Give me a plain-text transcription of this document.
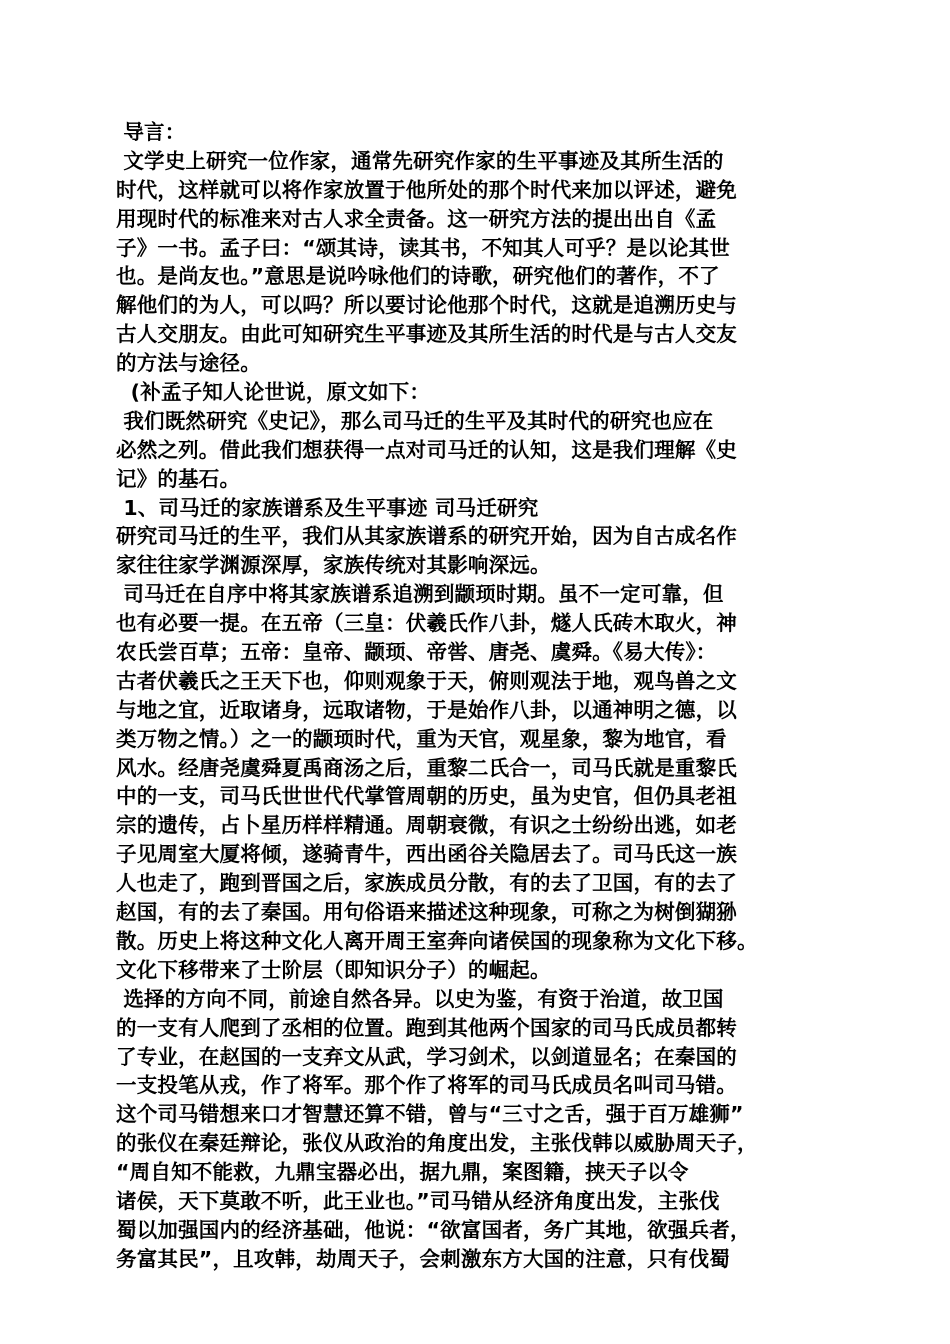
导言：
文学史上研究一位作家，通常先研究作家的生平事迹及其所生活的
时代，这样就可以将作家放置于他所处的那个时代来加以评述，避免
用现时代的标准来对古人求全责备。这一研究方法的提出出自《孟
子》一书。孟子曰：“颂其诗，读其书，不知其人可乎？是以论其世
也。是尚友也。”意思是说吟咏他们的诗歌，研究他们的著作，不了
解他们的为人，可以吗？所以要讨论他那个时代，这就是追溯历史与
古人交朋友。由此可知研究生平事迹及其所生活的时代是与古人交友
的方法与途径。
(补孟子知人论世说，原文如下：
我们既然研究《史记》，那么司马迁的生平及其时代的研究也应在
必然之列。借此我们想获得一点对司马迁的认知，这是我们理解《史
记》的基石。
1、司马迁的家族谱系及生平事迹 司马迁研究
研究司马迁的生平，我们从其家族谱系的研究开始，因为自古成名作
家往往家学渊源深厚，家族传统对其影响深远。
司马迁在自序中将其家族谱系追溯到颛顼时期。虽不一定可靠，但
也有必要一提。在五帝（三皇：伏羲氏作八卦，燧人氏砖木取火，神
农氏尝百草；五帝：皇帝、颛顼、帝喾、唐尧、虞舜。《易大传》：
古者伏羲氏之王天下也，仰则观象于天，俯则观法于地，观鸟兽之文
与地之宜，近取诸身，远取诸物，于是始作八卦，以通神明之德，以
类万物之情。）之一的颛顼时代，重为天官，观星象，黎为地官，看
风水。经唐尧虞舜夏禹商汤之后，重黎二氏合一，司马氏就是重黎氏
中的一支，司马氏世世代代掌管周朝的历史，虽为史官，但仍具老祖
宗的遗传，占卜星历样样精通。周朝衰微，有识之士纷纷出逃，如老
子见周室大厦将倾，遂骑青牛，西出函谷关隐居去了。司马氏这一族
人也走了，跑到晋国之后，家族成员分散，有的去了卫国，有的去了
赵国，有的去了秦国。用句俗语来描述这种现象，可称之为树倒猢狲
散。历史上将这种文化人离开周王室奔向诸侯国的现象称为文化下移。
文化下移带来了士阶层（即知识分子）的崛起。
选择的方向不同，前途自然各异。以史为鉴，有资于治道，故卫国
的一支有人爬到了丞相的位置。跑到其他两个国家的司马氏成员都转
了专业，在赵国的一支弃文从武，学习剑术，以剑道显名；在秦国的
一支投笔从戎，作了将军。那个作了将军的司马氏成员名叫司马错。
这个司马错想来口才智慧还算不错，曾与“三寸之舌，强于百万雄狮”
的张仪在秦廷辩论，张仪从政治的角度出发，主张伐韩以威胁周天子，
“周自知不能救，九鼎宝器必出，据九鼎，案图籍，挟天子以令
诸侯，天下莫敢不听，此王业也。”司马错从经济角度出发，主张伐
蜀以加强国内的经济基础，他说：“欲富国者，务广其地，欲强兵者，
务富其民”，且攻韩，劫周天子，会刺激东方大国的注意，只有伐蜀
